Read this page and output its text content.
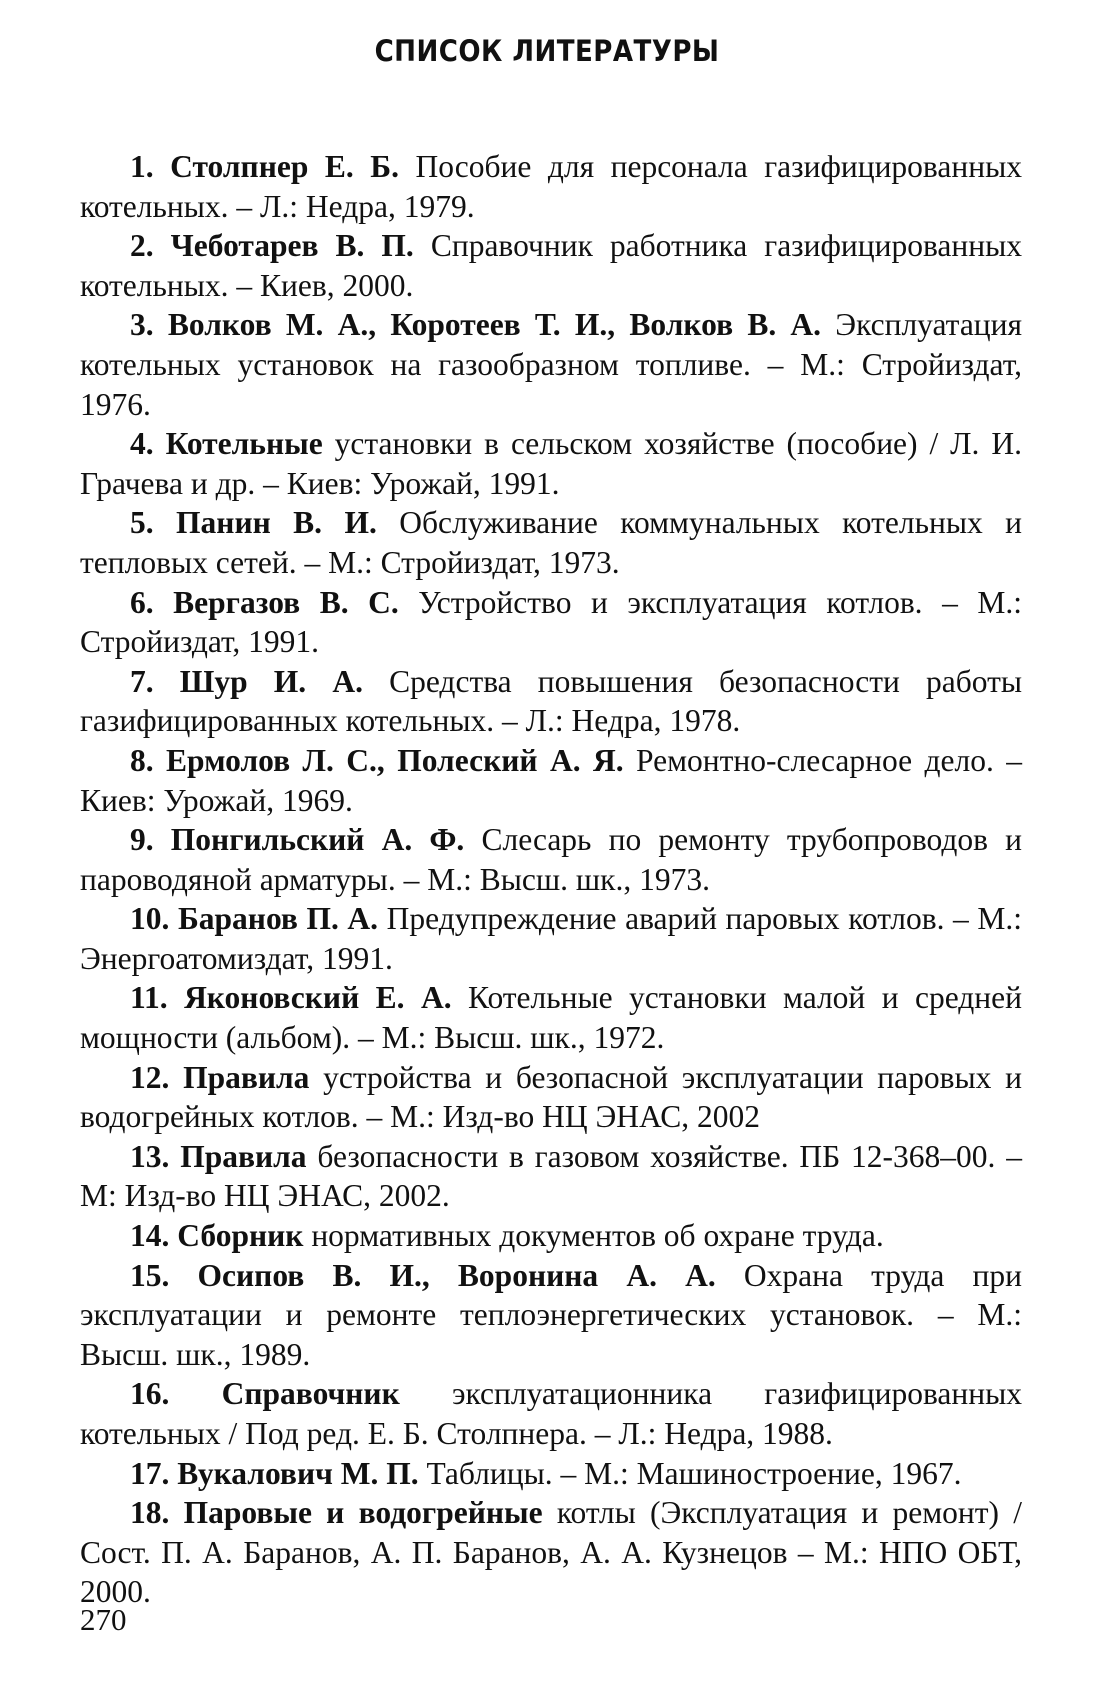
СПИСОК ЛИТЕРАТУРЫ
1. Столпнер Е. Б. Пособие для персонала газифицированных котельных. – Л.: Недра, 1979.
2. Чеботарев В. П. Справочник работника газифицированных котельных. – Киев, 2000.
3. Волков М. А., Коротеев Т. И., Волков В. А. Эксплуатация котельных установок на газообразном топливе. – М.: Стройиздат, 1976.
4. Котельные установки в сельском хозяйстве (пособие) / Л. И. Грачева и др. – Киев: Урожай, 1991.
5. Панин В. И. Обслуживание коммунальных котельных и тепловых сетей. – М.: Стройиздат, 1973.
6. Вергазов В. С. Устройство и эксплуатация котлов. – М.: Стройиздат, 1991.
7. Шур И. А. Средства повышения безопасности работы газифицированных котельных. – Л.: Недра, 1978.
8. Ермолов Л. С., Полеский А. Я. Ремонтно-слесарное дело. – Киев: Урожай, 1969.
9. Понгильский А. Ф. Слесарь по ремонту трубопроводов и пароводяной арматуры. – М.: Высш. шк., 1973.
10. Баранов П. А. Предупреждение аварий паровых котлов. – М.: Энергоатомиздат, 1991.
11. Яконовский Е. А. Котельные установки малой и средней мощности (альбом). – М.: Высш. шк., 1972.
12. Правила устройства и безопасной эксплуатации паровых и водогрейных котлов. – М.: Изд-во НЦ ЭНАС, 2002
13. Правила безопасности в газовом хозяйстве. ПБ 12-368–00. – М: Изд-во НЦ ЭНАС, 2002.
14. Сборник нормативных документов об охране труда.
15. Осипов В. И., Воронина А. А. Охрана труда при эксплуатации и ремонте теплоэнергетических установок. – М.: Высш. шк., 1989.
16. Справочник эксплуатационника газифицированных котельных / Под ред. Е. Б. Столпнера. – Л.: Недра, 1988.
17. Вукалович М. П. Таблицы. – М.: Машиностроение, 1967.
18. Паровые и водогрейные котлы (Эксплуатация и ремонт) / Сост. П. А. Баранов, А. П. Баранов, А. А. Кузнецов – М.: НПО ОБТ, 2000.
270
